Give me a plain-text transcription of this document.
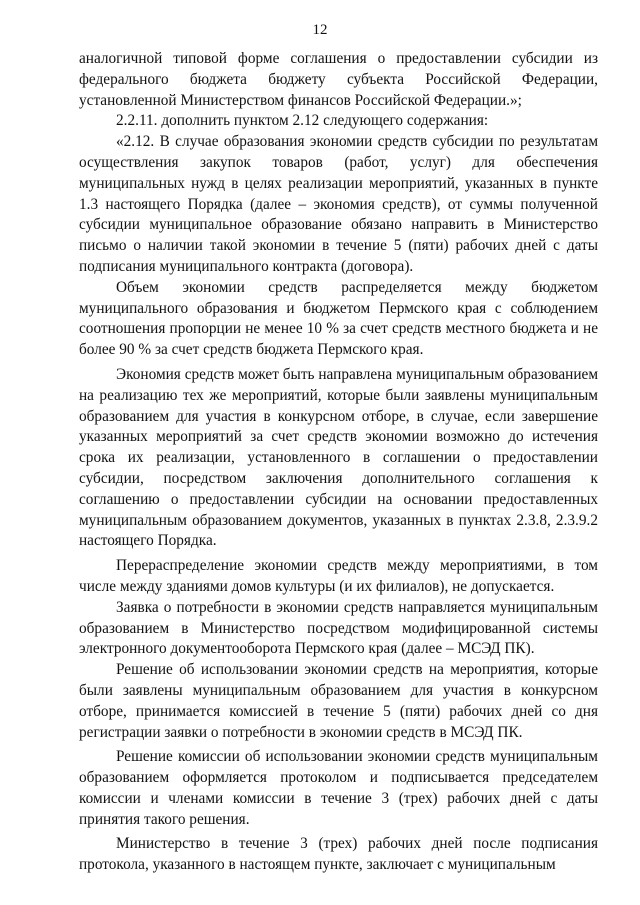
12

аналогичной типовой форме соглашения о предоставлении субсидии из федерального бюджета бюджету субъекта Российской Федерации, установленной Министерством финансов Российской Федерации.»;

2.2.11. дополнить пунктом 2.12 следующего содержания:

«2.12. В случае образования экономии средств субсидии по результатам осуществления закупок товаров (работ, услуг) для обеспечения муниципальных нужд в целях реализации мероприятий, указанных в пункте 1.3 настоящего Порядка (далее – экономия средств), от суммы полученной субсидии муниципальное образование обязано направить в Министерство письмо о наличии такой экономии в течение 5 (пяти) рабочих дней с даты подписания муниципального контракта (договора).

Объем экономии средств распределяется между бюджетом муниципального образования и бюджетом Пермского края с соблюдением соотношения пропорции не менее 10 % за счет средств местного бюджета и не более 90 % за счет средств бюджета Пермского края.

Экономия средств может быть направлена муниципальным образованием на реализацию тех же мероприятий, которые были заявлены муниципальным образованием для участия в конкурсном отборе, в случае, если завершение указанных мероприятий за счет средств экономии возможно до истечения срока их реализации, установленного в соглашении о предоставлении субсидии, посредством заключения дополнительного соглашения к соглашению о предоставлении субсидии на основании предоставленных муниципальным образованием документов, указанных в пунктах 2.3.8, 2.3.9.2 настоящего Порядка.

Перераспределение экономии средств между мероприятиями, в том числе между зданиями домов культуры (и их филиалов), не допускается.

Заявка о потребности в экономии средств направляется муниципальным образованием в Министерство посредством модифицированной системы электронного документооборота Пермского края (далее – МСЭД ПК).

Решение об использовании экономии средств на мероприятия, которые были заявлены муниципальным образованием для участия в конкурсном отборе, принимается комиссией в течение 5 (пяти) рабочих дней со дня регистрации заявки о потребности в экономии средств в МСЭД ПК.

Решение комиссии об использовании экономии средств муниципальным образованием оформляется протоколом и подписывается председателем комиссии и членами комиссии в течение 3 (трех) рабочих дней с даты принятия такого решения.

Министерство в течение 3 (трех) рабочих дней после подписания протокола, указанного в настоящем пункте, заключает с муниципальным
